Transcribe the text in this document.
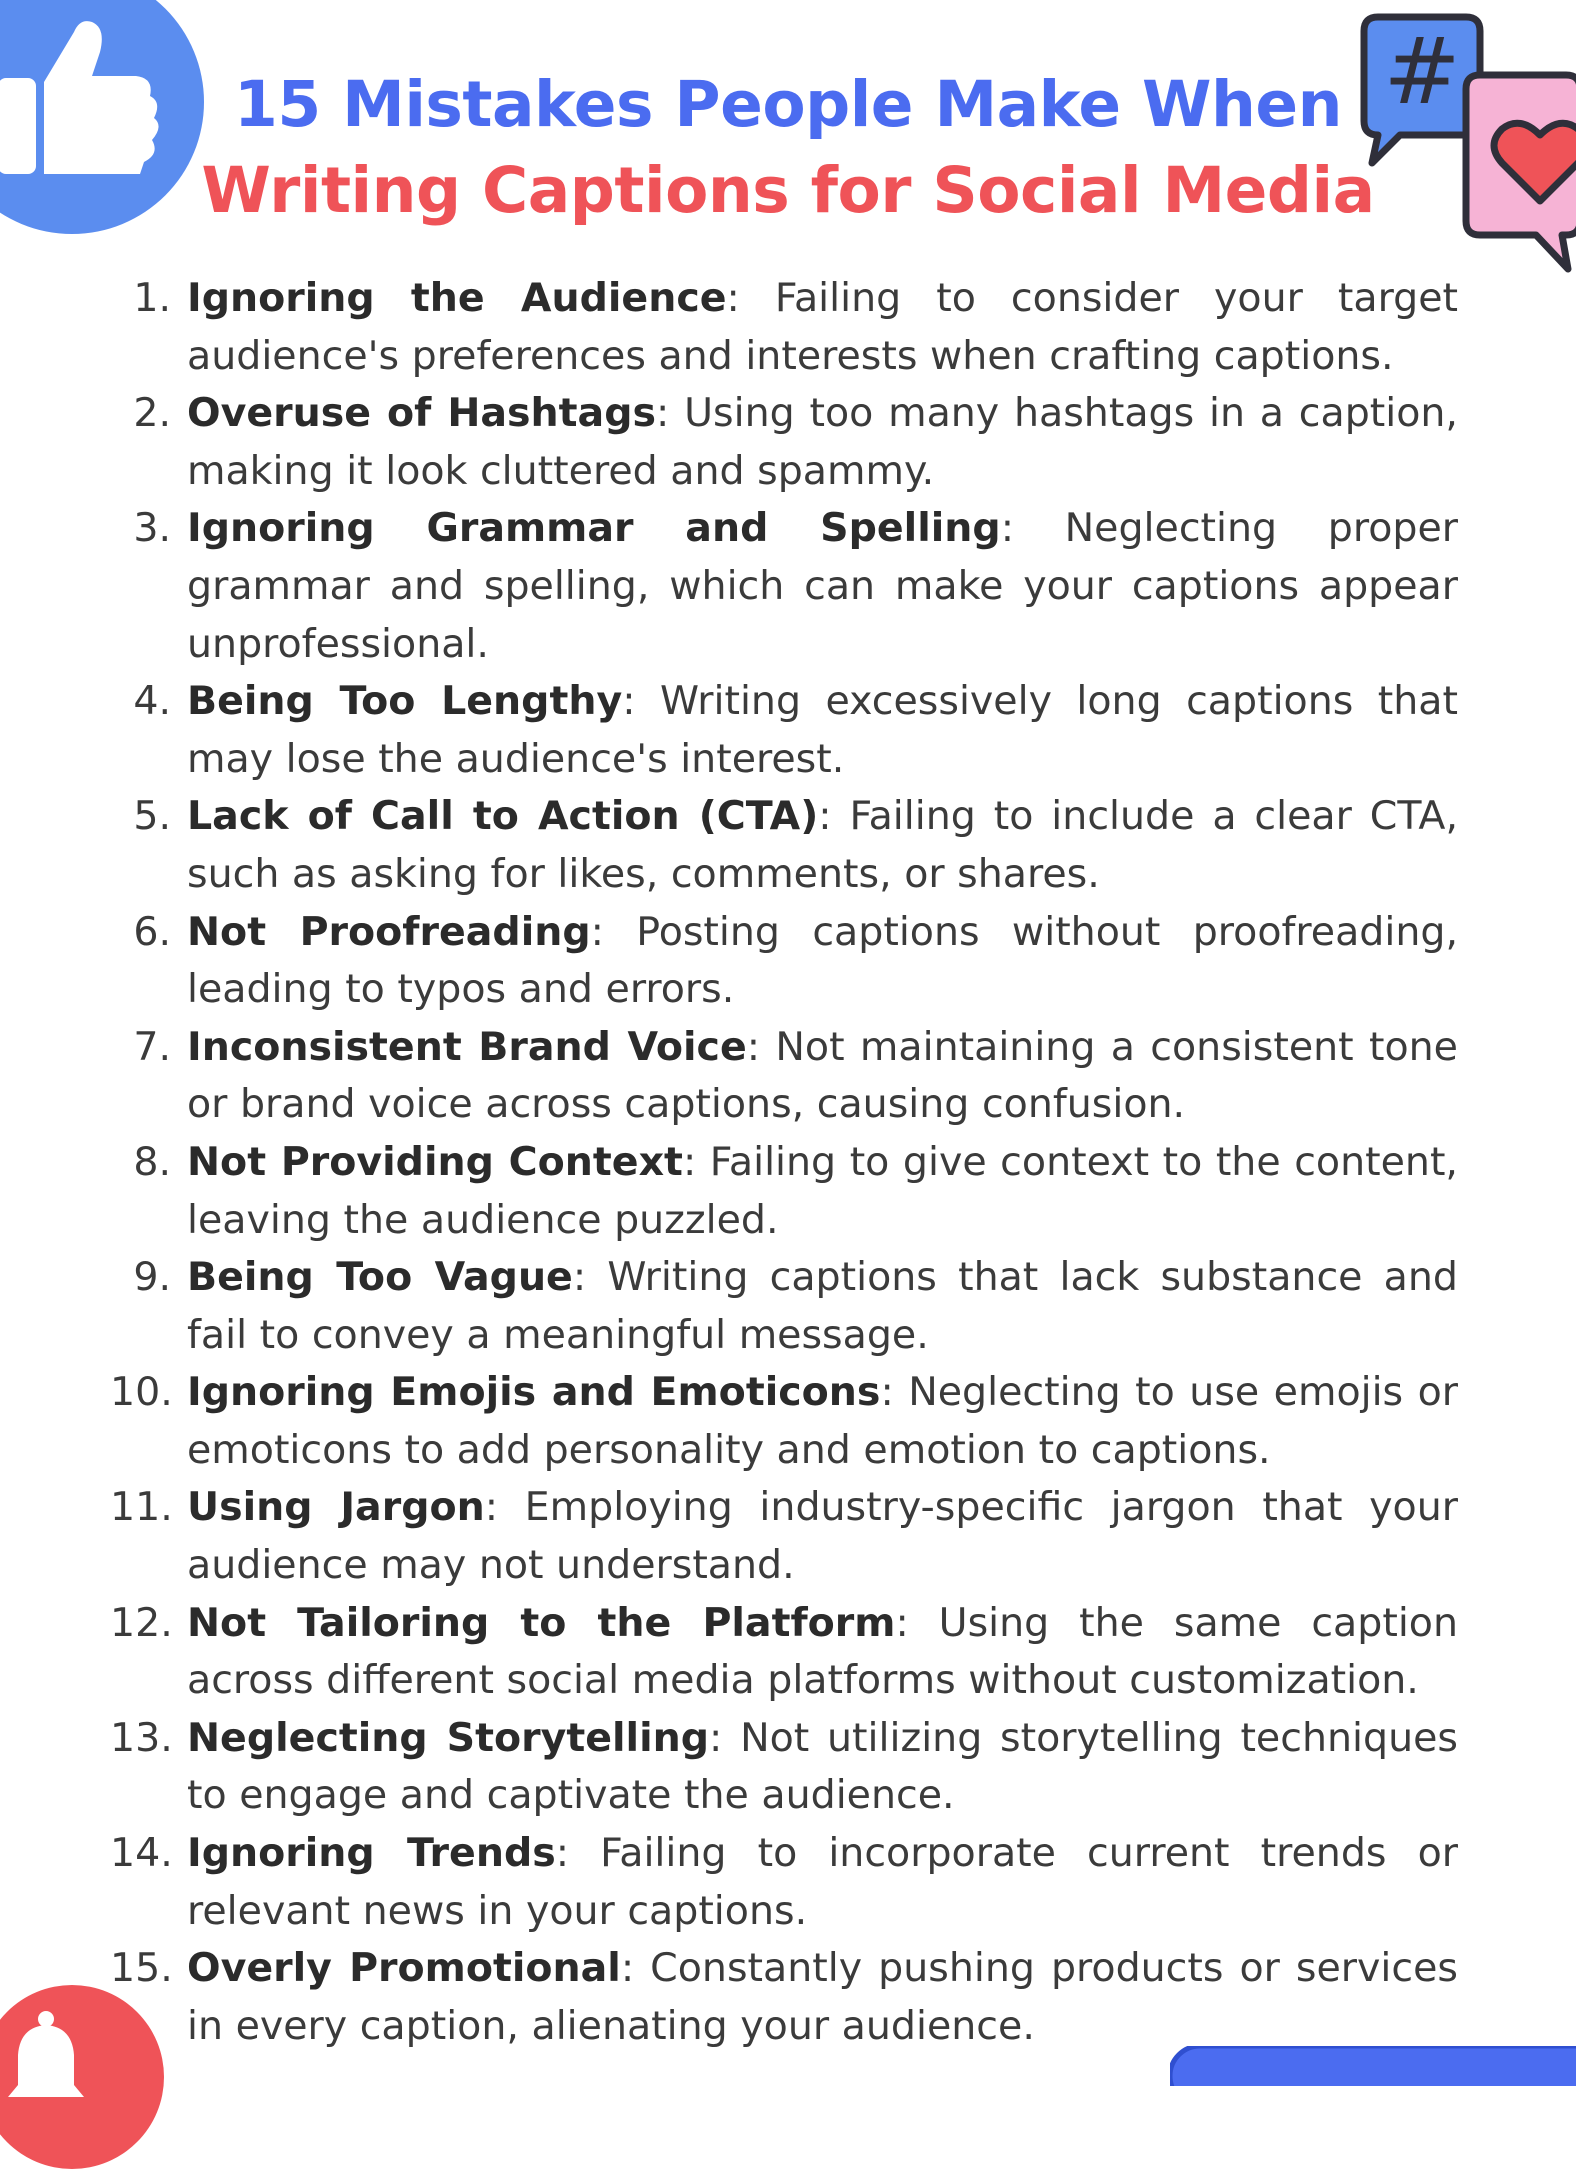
#
15 Mistakes People Make When
Writing Captions for Social Media
1. Ignoring the Audience: Failing to consider your target audience's preferences and interests when crafting captions.
2. Overuse of Hashtags: Using too many hashtags in a caption, making it look cluttered and spammy.
3. Ignoring Grammar and Spelling: Neglecting proper grammar and spelling, which can make your captions appear unprofessional.
4. Being Too Lengthy: Writing excessively long captions that may lose the audience's interest.
5. Lack of Call to Action (CTA): Failing to include a clear CTA, such as asking for likes, comments, or shares.
6. Not Proofreading: Posting captions without proofreading, leading to typos and errors.
7. Inconsistent Brand Voice: Not maintaining a consistent tone or brand voice across captions, causing confusion.
8. Not Providing Context: Failing to give context to the content, leaving the audience puzzled.
9. Being Too Vague: Writing captions that lack substance and fail to convey a meaningful message.
10. Ignoring Emojis and Emoticons: Neglecting to use emojis or emoticons to add personality and emotion to captions.
11. Using Jargon: Employing industry-specific jargon that your audience may not understand.
12. Not Tailoring to the Platform: Using the same caption across different social media platforms without customization.
13. Neglecting Storytelling: Not utilizing storytelling techniques to engage and captivate the audience.
14. Ignoring Trends: Failing to incorporate current trends or relevant news in your captions.
15. Overly Promotional: Constantly pushing products or services in every caption, alienating your audience.
